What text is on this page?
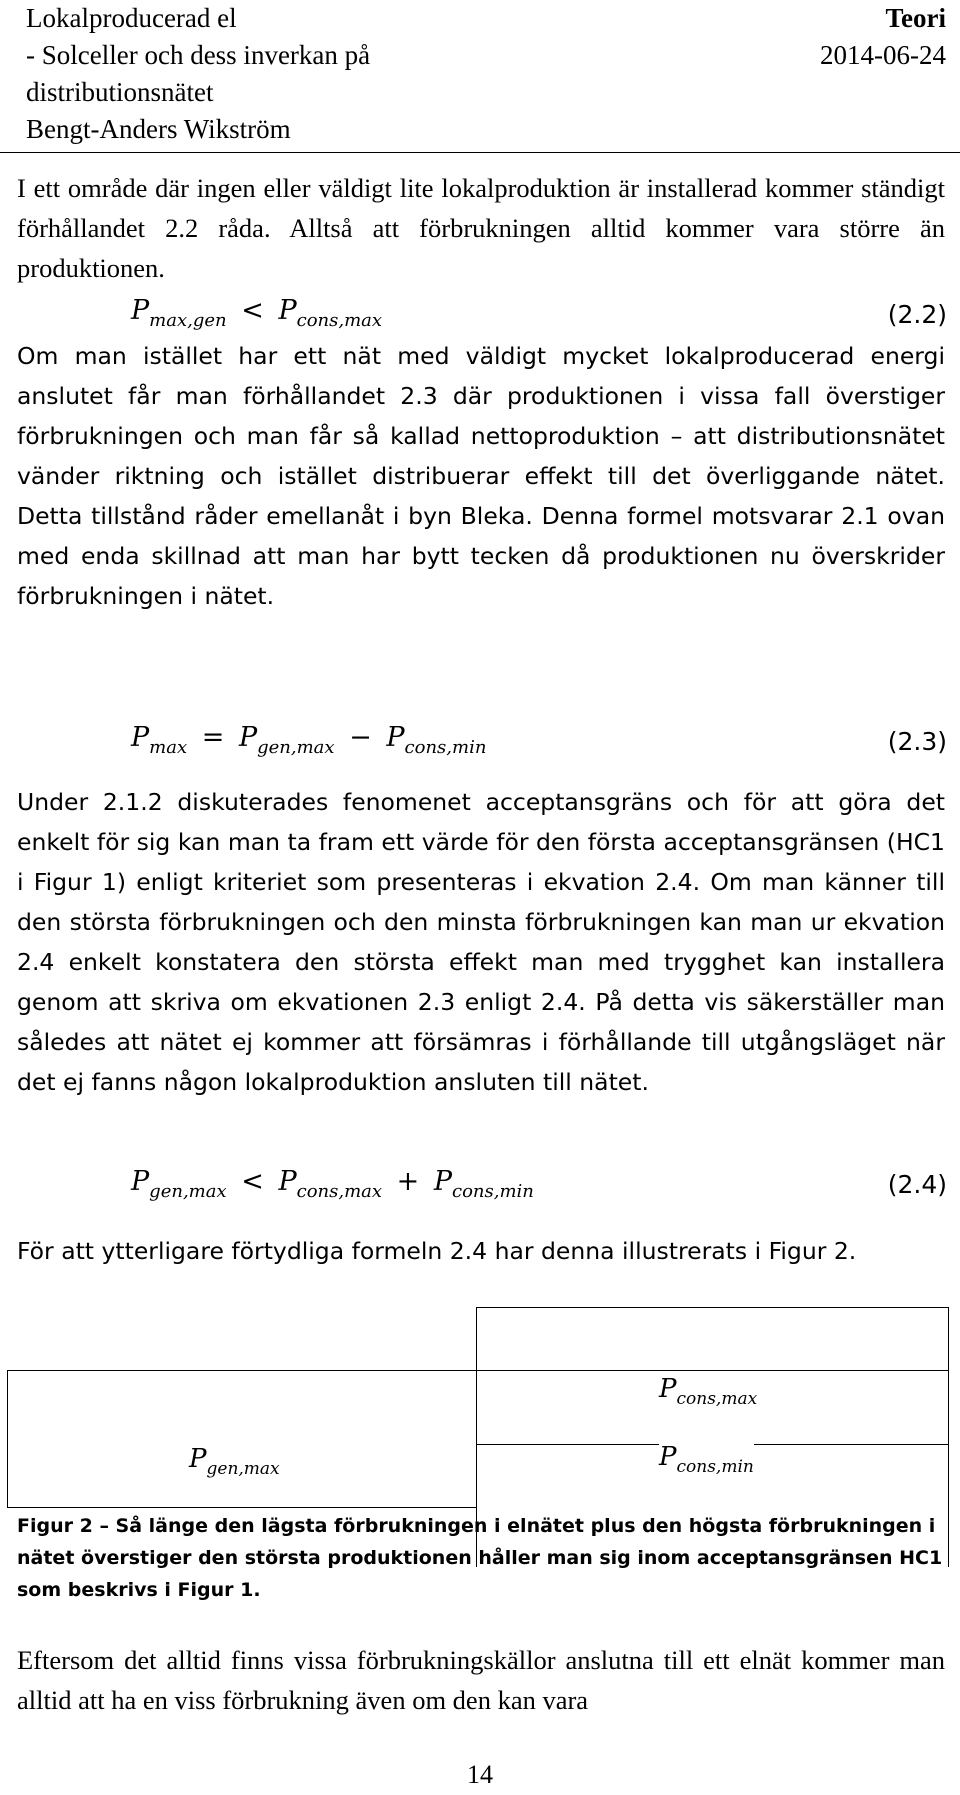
Lokalproducerad el
- Solceller och dess inverkan på
distributionsnätet
Bengt-Anders Wikström
Teori
2014-06-24
I ett område där ingen eller väldigt lite lokalproduktion är installerad kommer ständigt förhållandet 2.2 råda. Alltså att förbrukningen alltid kommer vara större än produktionen.
$P_{max,gen} < P_{cons,max}$	(2.2)
Om man istället har ett nät med väldigt mycket lokalproducerad energi anslutet får man förhållandet 2.3 där produktionen i vissa fall överstiger förbrukningen och man får så kallad nettoproduktion – att distributionsnätet vänder riktning och istället distribuerar effekt till det överliggande nätet. Detta tillstånd råder emellanåt i byn Bleka. Denna formel motsvarar 2.1 ovan med enda skillnad att man har bytt tecken då produktionen nu överskrider förbrukningen i nätet.
$P_{max} = P_{gen,max} - P_{cons,min}$	(2.3)
Under 2.1.2 diskuterades fenomenet acceptansgräns och för att göra det enkelt för sig kan man ta fram ett värde för den första acceptansgränsen (HC1 i Figur 1) enligt kriteriet som presenteras i ekvation 2.4. Om man känner till den största förbrukningen och den minsta förbrukningen kan man ur ekvation 2.4 enkelt konstatera den största effekt man med trygghet kan installera genom att skriva om ekvationen 2.3 enligt 2.4. På detta vis säkerställer man således att nätet ej kommer att försämras i förhållande till utgångsläget när det ej fanns någon lokalproduktion ansluten till nätet.
$P_{gen,max} < P_{cons,max} + P_{cons,min}$	(2.4)
För att ytterligare förtydliga formeln 2.4 har denna illustrerats i Figur 2.
$P_{gen,max}$
$P_{cons,max}$
$P_{cons,min}$
Figur 2 – Så länge den lägsta förbrukningen i elnätet plus den högsta förbrukningen i nätet överstiger den största produktionen håller man sig inom acceptansgränsen HC1 som beskrivs i Figur 1.
Eftersom det alltid finns vissa förbrukningskällor anslutna till ett elnät kommer man alltid att ha en viss förbrukning även om den kan vara
14
